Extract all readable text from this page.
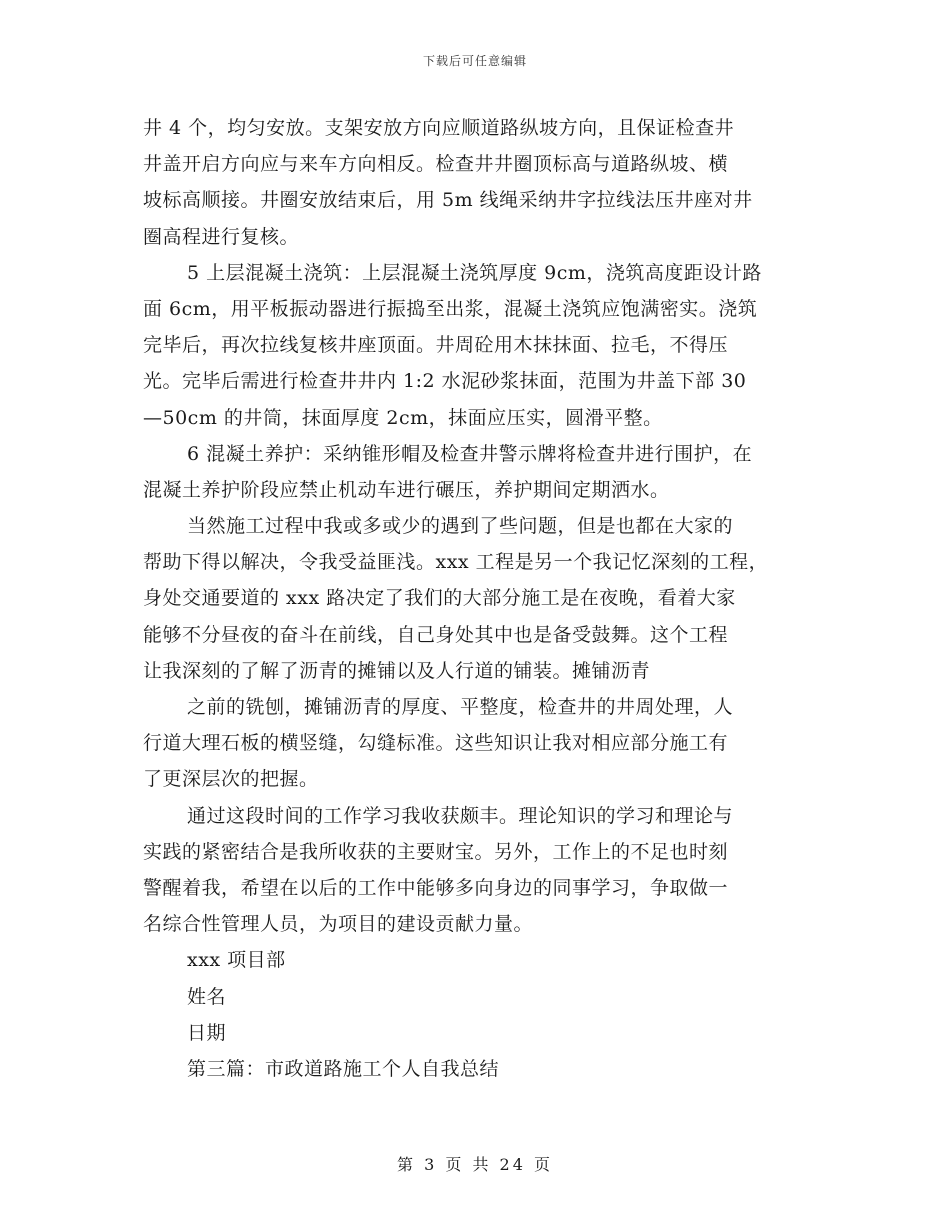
下载后可任意编辑
井 4 个，均匀安放。支架安放方向应顺道路纵坡方向，且保证检查井
井盖开启方向应与来车方向相反。检查井井圈顶标高与道路纵坡、横
坡标高顺接。井圈安放结束后，用 5m 线绳采纳井字拉线法压井座对井
圈高程进行复核。
5 上层混凝土浇筑：上层混凝土浇筑厚度 9cm，浇筑高度距设计路
面 6cm，用平板振动器进行振捣至出浆，混凝土浇筑应饱满密实。浇筑
完毕后，再次拉线复核井座顶面。井周砼用木抹抹面、拉毛，不得压
光。完毕后需进行检查井井内 1:2 水泥砂浆抹面，范围为井盖下部 30
—50cm 的井筒，抹面厚度 2cm，抹面应压实，圆滑平整。
6 混凝土养护：采纳锥形帽及检查井警示牌将检查井进行围护，在
混凝土养护阶段应禁止机动车进行碾压，养护期间定期洒水。
当然施工过程中我或多或少的遇到了些问题，但是也都在大家的
帮助下得以解决，令我受益匪浅。xxx 工程是另一个我记忆深刻的工程，
身处交通要道的 xxx 路决定了我们的大部分施工是在夜晚，看着大家
能够不分昼夜的奋斗在前线，自己身处其中也是备受鼓舞。这个工程
让我深刻的了解了沥青的摊铺以及人行道的铺装。摊铺沥青
之前的铣刨，摊铺沥青的厚度、平整度，检查井的井周处理，人
行道大理石板的横竖缝，勾缝标准。这些知识让我对相应部分施工有
了更深层次的把握。
通过这段时间的工作学习我收获颇丰。理论知识的学习和理论与
实践的紧密结合是我所收获的主要财宝。另外，工作上的不足也时刻
警醒着我，希望在以后的工作中能够多向身边的同事学习，争取做一
名综合性管理人员，为项目的建设贡献力量。
xxx 项目部
姓名
日期
第三篇：市政道路施工个人自我总结
第 3 页 共 24 页
